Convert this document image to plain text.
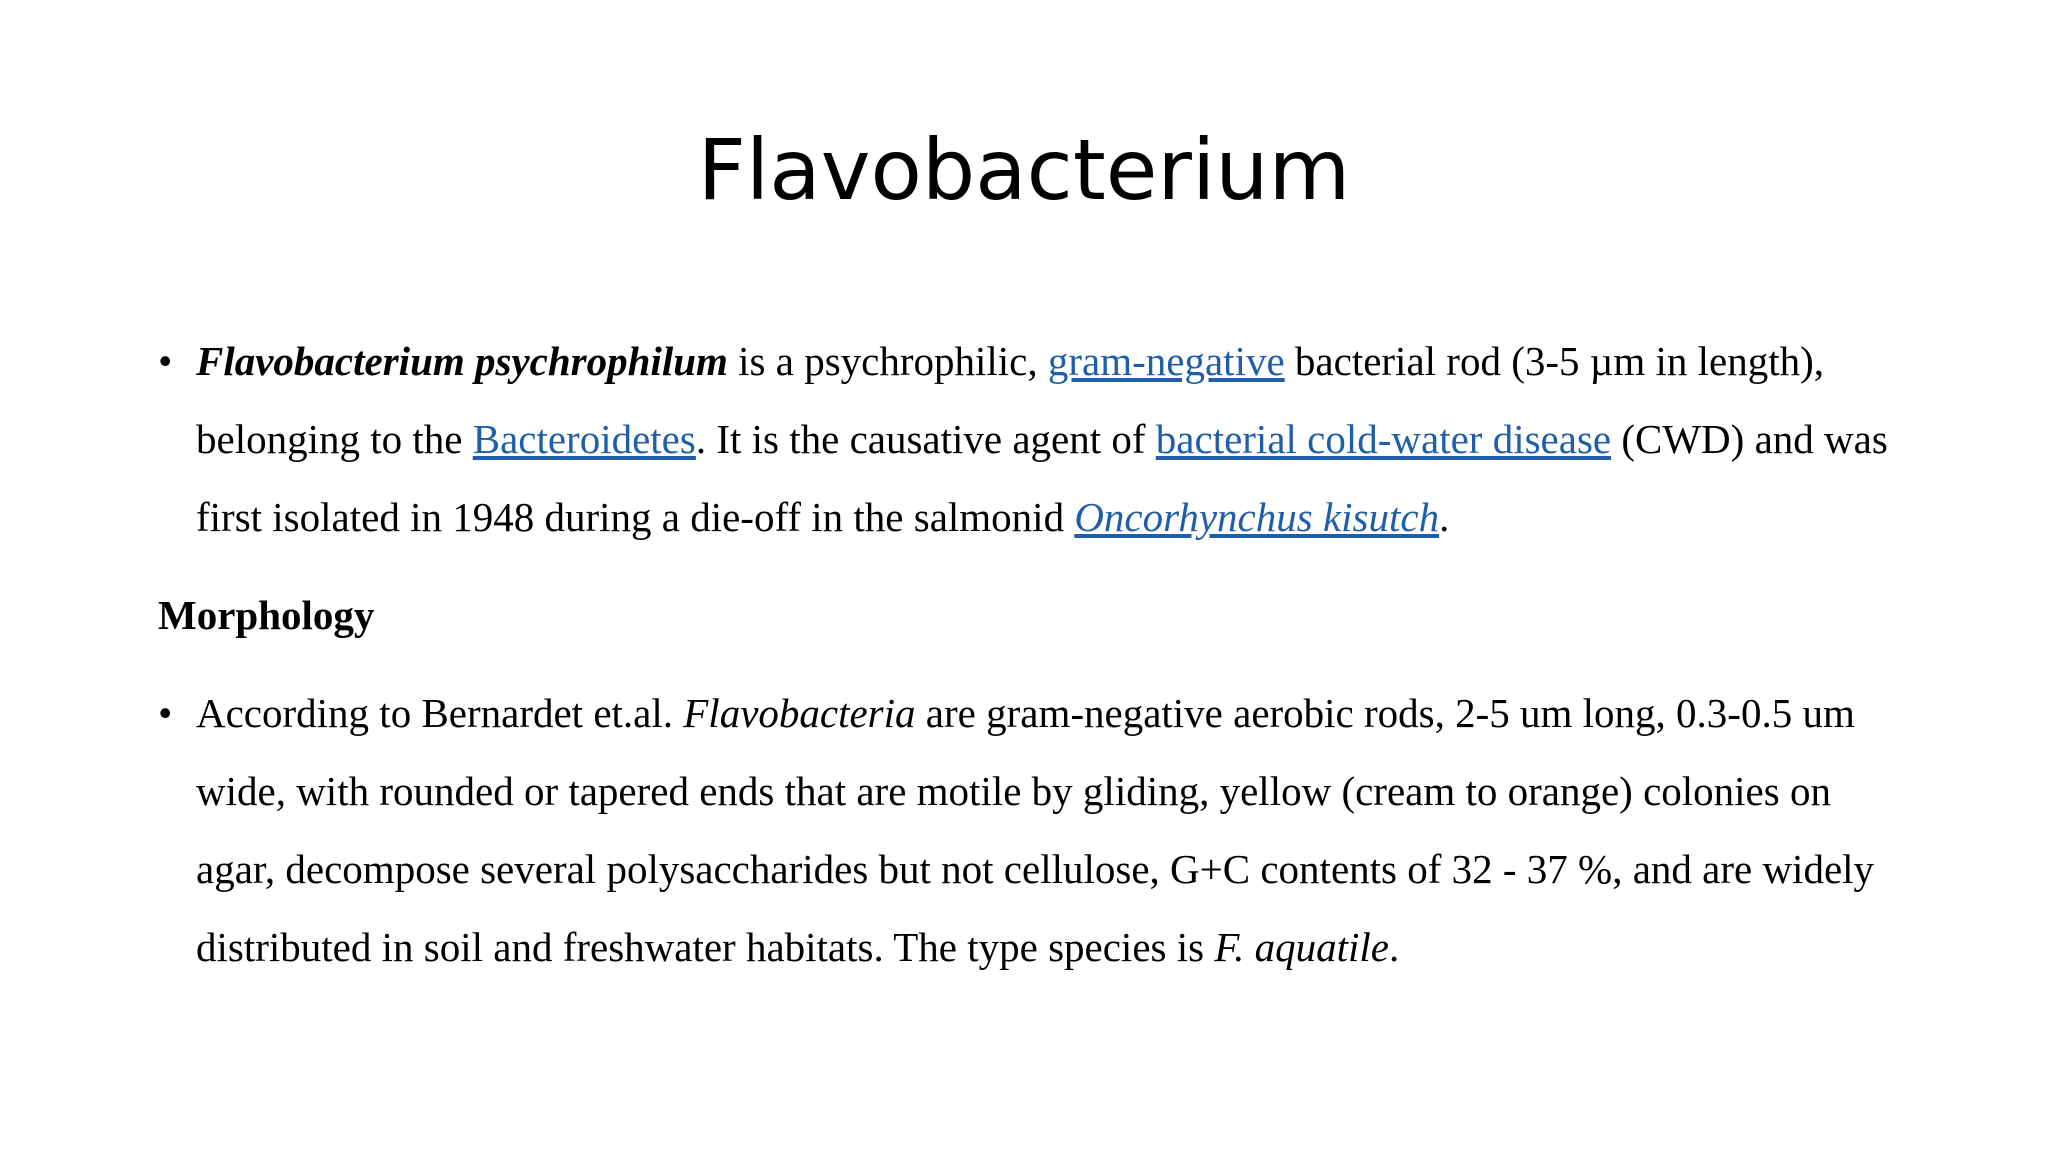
Flavobacterium

• Flavobacterium psychrophilum is a psychrophilic, gram-negative bacterial rod (3-5 µm in length), belonging to the Bacteroidetes. It is the causative agent of bacterial cold-water disease (CWD) and was first isolated in 1948 during a die-off in the salmonid Oncorhynchus kisutch.

Morphology

• According to Bernardet et.al. Flavobacteria are gram-negative aerobic rods, 2-5 um long, 0.3-0.5 um wide, with rounded or tapered ends that are motile by gliding, yellow (cream to orange) colonies on agar, decompose several polysaccharides but not cellulose, G+C contents of 32 - 37 %, and are widely distributed in soil and freshwater habitats. The type species is F. aquatile.
